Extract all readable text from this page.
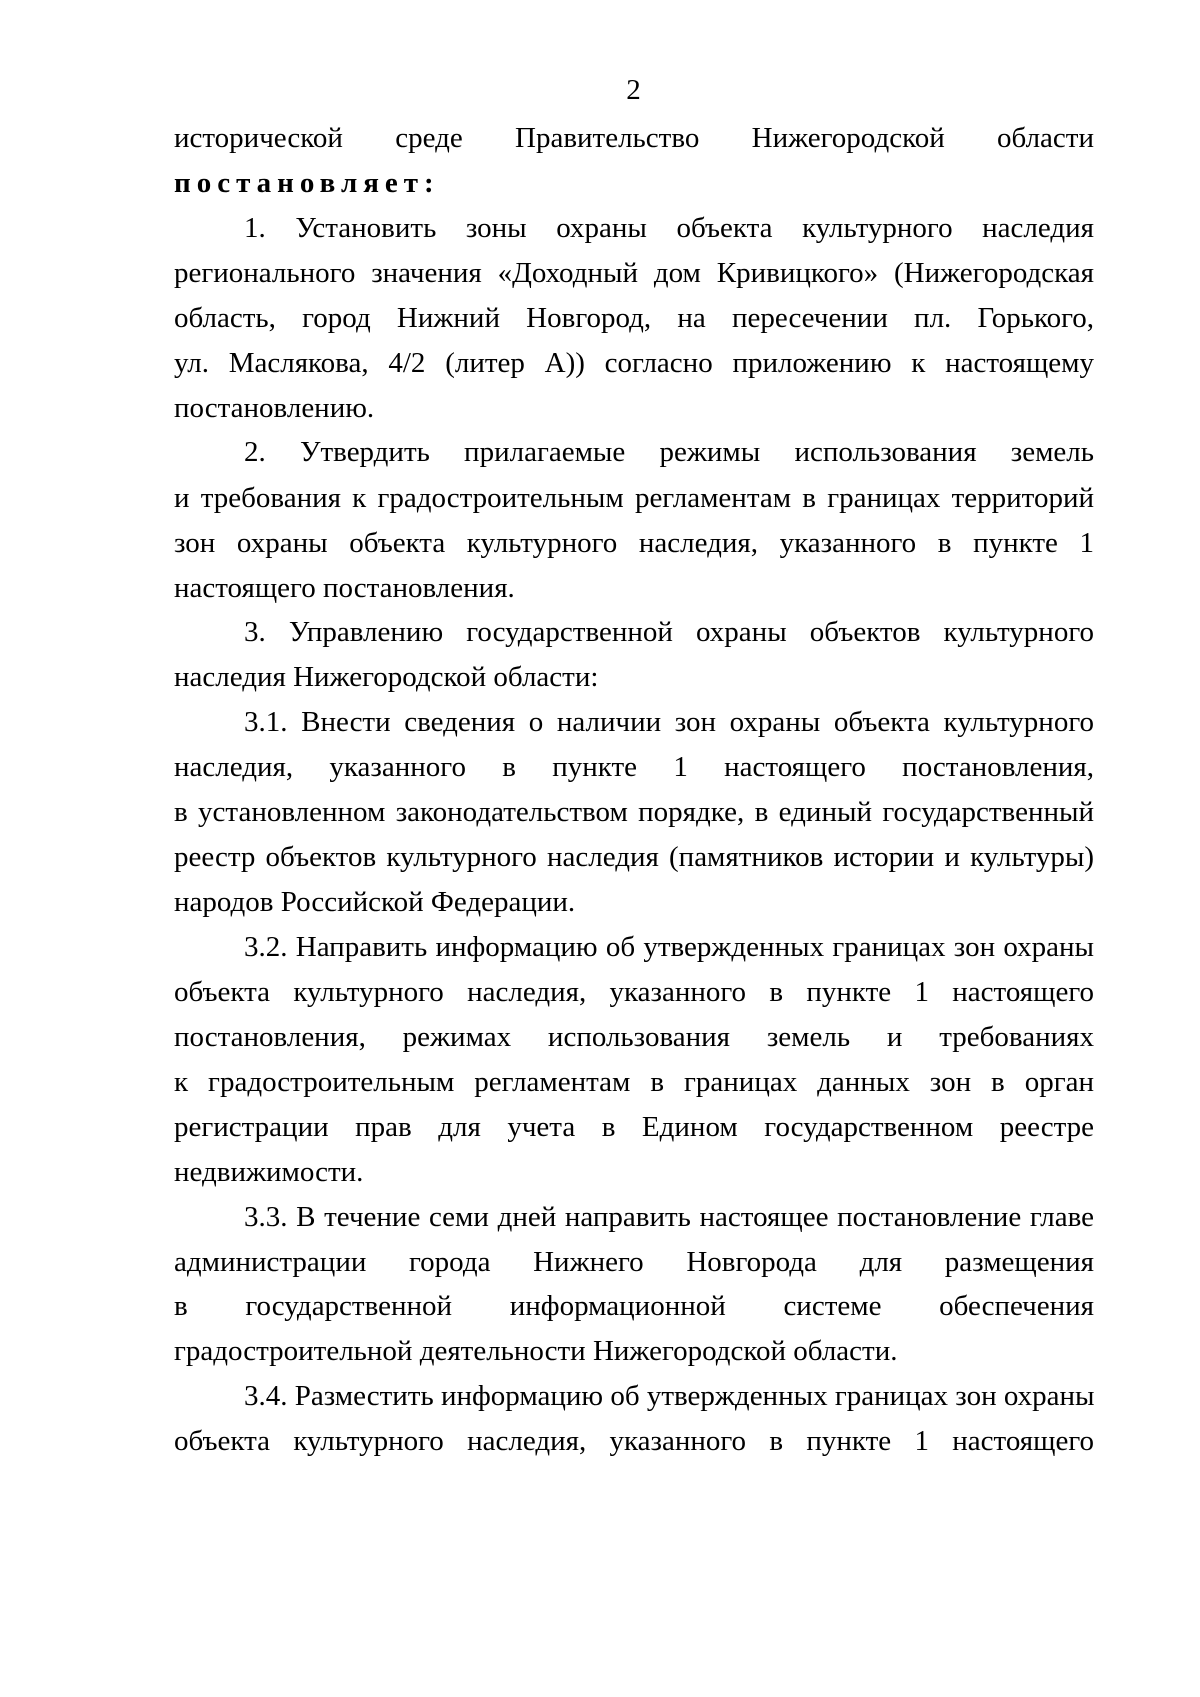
2
исторической среде Правительство Нижегородской области
постановляет:
1. Установить зоны охраны объекта культурного наследия
регионального значения «Доходный дом Кривицкого» (Нижегородская
область, город Нижний Новгород, на пересечении пл. Горького,
ул. Маслякова, 4/2 (литер А)) согласно приложению к настоящему
постановлению.
2. Утвердить прилагаемые режимы использования земель
и требования к градостроительным регламентам в границах территорий
зон охраны объекта культурного наследия, указанного в пункте 1
настоящего постановления.
3. Управлению государственной охраны объектов культурного
наследия Нижегородской области:
3.1. Внести сведения о наличии зон охраны объекта культурного
наследия, указанного в пункте 1 настоящего постановления,
в установленном законодательством порядке, в единый государственный
реестр объектов культурного наследия (памятников истории и культуры)
народов Российской Федерации.
3.2. Направить информацию об утвержденных границах зон охраны
объекта культурного наследия, указанного в пункте 1 настоящего
постановления, режимах использования земель и требованиях
к градостроительным регламентам в границах данных зон в орган
регистрации прав для учета в Едином государственном реестре
недвижимости.
3.3. В течение семи дней направить настоящее постановление главе
администрации города Нижнего Новгорода для размещения
в государственной информационной системе обеспечения
градостроительной деятельности Нижегородской области.
3.4. Разместить информацию об утвержденных границах зон охраны
объекта культурного наследия, указанного в пункте 1 настоящего
